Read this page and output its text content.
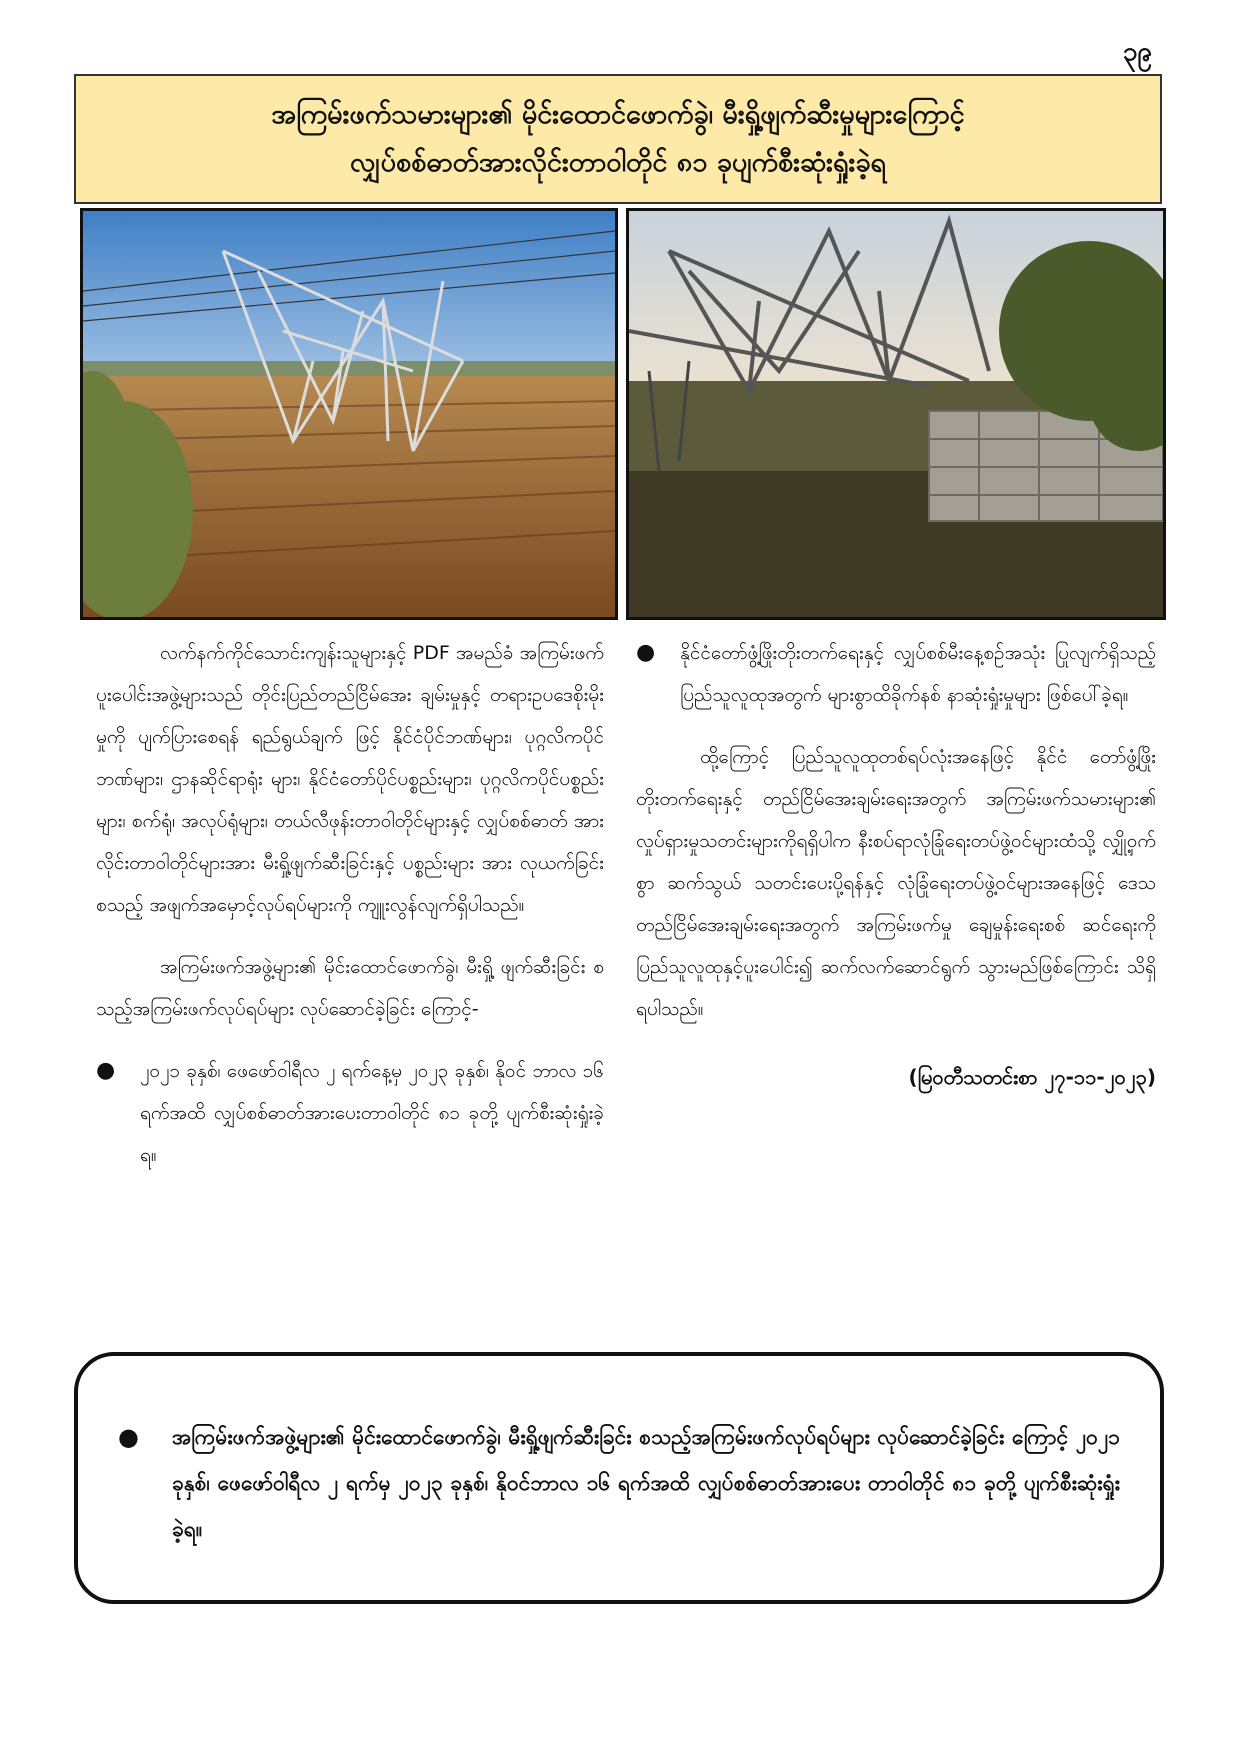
၃၉
အကြမ်းဖက်သမားများ၏ မိုင်းထောင်ဖောက်ခွဲ၊ မီးရှို့ဖျက်ဆီးမှုများကြောင့်
လျှပ်စစ်ဓာတ်အားလိုင်းတာဝါတိုင် ၈၁ ခုပျက်စီးဆုံးရှုံးခဲ့ရ

လက်နက်ကိုင်သောင်းကျန်းသူများနှင့် PDF အမည်ခံ အကြမ်းဖက်ပူးပေါင်းအဖွဲ့များသည် တိုင်းပြည်တည်ငြိမ်အေး ချမ်းမှုနှင့် တရားဥပဒေစိုးမိုးမှုကို ပျက်ပြားစေရန် ရည်ရွယ်ချက် ဖြင့် နိုင်ငံပိုင်ဘဏ်များ၊ ပုဂ္ဂလိကပိုင်ဘဏ်များ၊ ဌာနဆိုင်ရာရုံး များ၊ နိုင်ငံတော်ပိုင်ပစ္စည်းများ၊ ပုဂ္ဂလိကပိုင်ပစ္စည်းများ၊ စက်ရုံ၊ အလုပ်ရုံများ၊ တယ်လီဖုန်းတာဝါတိုင်များနှင့် လျှပ်စစ်ဓာတ် အားလိုင်းတာဝါတိုင်များအား မီးရှို့ဖျက်ဆီးခြင်းနှင့် ပစ္စည်းများ အား လုယက်ခြင်းစသည့် အဖျက်အမှောင့်လုပ်ရပ်များကို ကျူးလွန်လျက်ရှိပါသည်။

အကြမ်းဖက်အဖွဲ့များ၏ မိုင်းထောင်ဖောက်ခွဲ၊ မီးရှို့ ဖျက်ဆီးခြင်း စသည့်အကြမ်းဖက်လုပ်ရပ်များ လုပ်ဆောင်ခဲ့ခြင်း ကြောင့်-

● ၂၀၂၁ ခုနှစ်၊ ဖေဖော်ဝါရီလ ၂ ရက်နေ့မှ ၂၀၂၃ ခုနှစ်၊ နိုဝင် ဘာလ ၁၆ ရက်အထိ လျှပ်စစ်ဓာတ်အားပေးတာဝါတိုင် ၈၁ ခုတို့ ပျက်စီးဆုံးရှုံးခဲ့ရ။
● နိုင်ငံတော်ဖွံ့ဖြိုးတိုးတက်ရေးနှင့် လျှပ်စစ်မီးနေ့စဉ်အသုံး ပြုလျက်ရှိသည့် ပြည်သူလူထုအတွက် များစွာထိခိုက်နစ် နာဆုံးရှုံးမှုများ ဖြစ်ပေါ်ခဲ့ရ။

ထို့ကြောင့် ပြည်သူလူထုတစ်ရပ်လုံးအနေဖြင့် နိုင်ငံ တော်ဖွံ့ဖြိုးတိုးတက်ရေးနှင့် တည်ငြိမ်အေးချမ်းရေးအတွက် အကြမ်းဖက်သမားများ၏ လှုပ်ရှားမှုသတင်းများကိုရရှိပါက နီးစပ်ရာလုံခြုံရေးတပ်ဖွဲ့ဝင်များထံသို့ လျှို့ဝှက်စွာ ဆက်သွယ် သတင်းပေးပို့ရန်နှင့် လုံခြုံရေးတပ်ဖွဲ့ဝင်များအနေဖြင့် ဒေသ တည်ငြိမ်အေးချမ်းရေးအတွက် အကြမ်းဖက်မှု ချေမှုန်းရေးစစ် ဆင်ရေးကို ပြည်သူလူထုနှင့်ပူးပေါင်း၍ ဆက်လက်ဆောင်ရွက် သွားမည်ဖြစ်ကြောင်း သိရှိရပါသည်။

(မြဝတီသတင်းစာ ၂၇-၁၁-၂၀၂၃)
● အကြမ်းဖက်အဖွဲ့များ၏ မိုင်းထောင်ဖောက်ခွဲ၊ မီးရှို့ဖျက်ဆီးခြင်း စသည့်အကြမ်းဖက်လုပ်ရပ်များ လုပ်ဆောင်ခဲ့ခြင်း ကြောင့် ၂၀၂၁ ခုနှစ်၊ ဖေဖော်ဝါရီလ ၂ ရက်မှ ၂၀၂၃ ခုနှစ်၊ နိုဝင်ဘာလ ၁၆ ရက်အထိ လျှပ်စစ်ဓာတ်အားပေး တာဝါတိုင် ၈၁ ခုတို့ ပျက်စီးဆုံးရှုံးခဲ့ရ။
